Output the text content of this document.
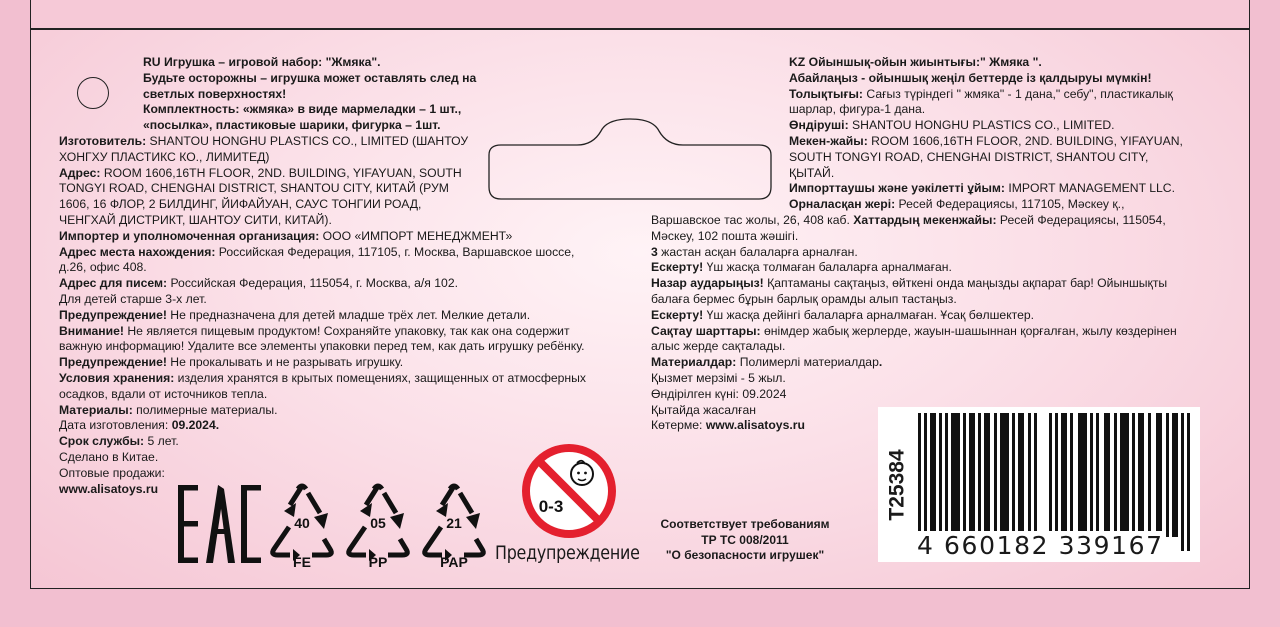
RU Игрушка – игровой набор: "Жмяка".
Будьте осторожны – игрушка может оставлять след на
светлых поверхностях!
Комплектность: «жмяка» в виде мармеладки – 1 шт.,
«посылка», пластиковые шарики, фигурка – 1шт.
Изготовитель: SHANTOU HONGHU PLASTICS CO., LIMITED (ШАНТОУ
ХОНГХУ ПЛАСТИКС КО., ЛИМИТЕД)
Адрес: ROOM 1606,16TH FLOOR, 2ND. BUILDING, YIFAYUAN, SOUTH
TONGYI ROAD, CHENGHAI DISTRICT, SHANTOU CITY, КИТАЙ (РУМ
1606, 16 ФЛОР, 2 БИЛДИНГ, ЙИФАЙУАН, САУС ТОНГИИ РОАД,
ЧЕНГХАЙ ДИСТРИКТ, ШАНТОУ СИТИ, КИТАЙ).
Импортер и уполномоченная организация: ООО «ИМПОРТ МЕНЕДЖМЕНТ»
Адрес места нахождения: Российская Федерация, 117105, г. Москва, Варшавское шоссе,
д.26, офис 408.
Адрес для писем: Российская Федерация, 115054, г. Москва, а/я 102.
Для детей старше 3-х лет.
Предупреждение! Не предназначена для детей младше трёх лет. Мелкие детали.
Внимание! Не является пищевым продуктом! Сохраняйте упаковку, так как она содержит
важную информацию! Удалите все элементы упаковки перед тем, как дать игрушку ребёнку.
Предупреждение! Не прокалывать и не разрывать игрушку.
Условия хранения: изделия хранятся в крытых помещениях, защищенных от атмосферных
осадков, вдали от источников тепла.
Материалы: полимерные материалы.
Дата изготовления: 09.2024.
Срок службы: 5 лет.
Сделано в Китае.
Оптовые продажи:
www.alisatoys.ru
KZ Ойыншық-ойын жиынтығы:" Жмяка ".
Абайлаңыз - ойыншық жеңіл беттерде із қалдыруы мүмкін!
Толықтығы: Сағыз түріндегі " жмяка" - 1 дана," себу", пластикалық
шарлар, фигура-1 дана.
Өндіруші: SHANTOU HONGHU PLASTICS CO., LIMITED.
Мекен-жайы: ROOM 1606,16TH FLOOR, 2ND. BUILDING, YIFAYUAN,
SOUTH TONGYI ROAD, CHENGHAI DISTRICT, SHANTOU CITY,
ҚЫТАЙ.
Импорттаушы және уәкілетті ұйым: IMPORT MANAGEMENT LLC.
Орналасқан жері: Ресей Федерациясы, 117105, Мәскеу қ.,
Варшавское тас жолы, 26, 408 каб. Хаттардың мекенжайы: Ресей Федерациясы, 115054,
Мәскеу, 102 пошта жәшігі.
3 жастан асқан балаларға арналған.
Ескерту! Үш жасқа толмаған балаларға арналмаған.
Назар аударыңыз! Қаптаманы сақтаңыз, өйткені онда маңызды ақпарат бар! Ойыншықты
балаға бермес бұрын барлық орамды алып тастаңыз.
Ескерту! Үш жасқа дейінгі балаларға арналмаған. Ұсақ бөлшектер.
Сақтау шарттары: өнімдер жабық жерлерде, жауын-шашыннан қорғалған, жылу көздерінен
алыс жерде сақталады.
Материалдар: Полимерлі материалдар.
Қызмет мерзімі - 5 жыл.
Өндірілген күні: 09.2024
Қытайда жасалған
Көтерме: www.alisatoys.ru
40
FE
05
PP
21
PAP
0-3
Предупреждение
Соответствует требованиям
ТР ТС 008/2011
"О безопасности игрушек"
T25384
4 660182 339167
